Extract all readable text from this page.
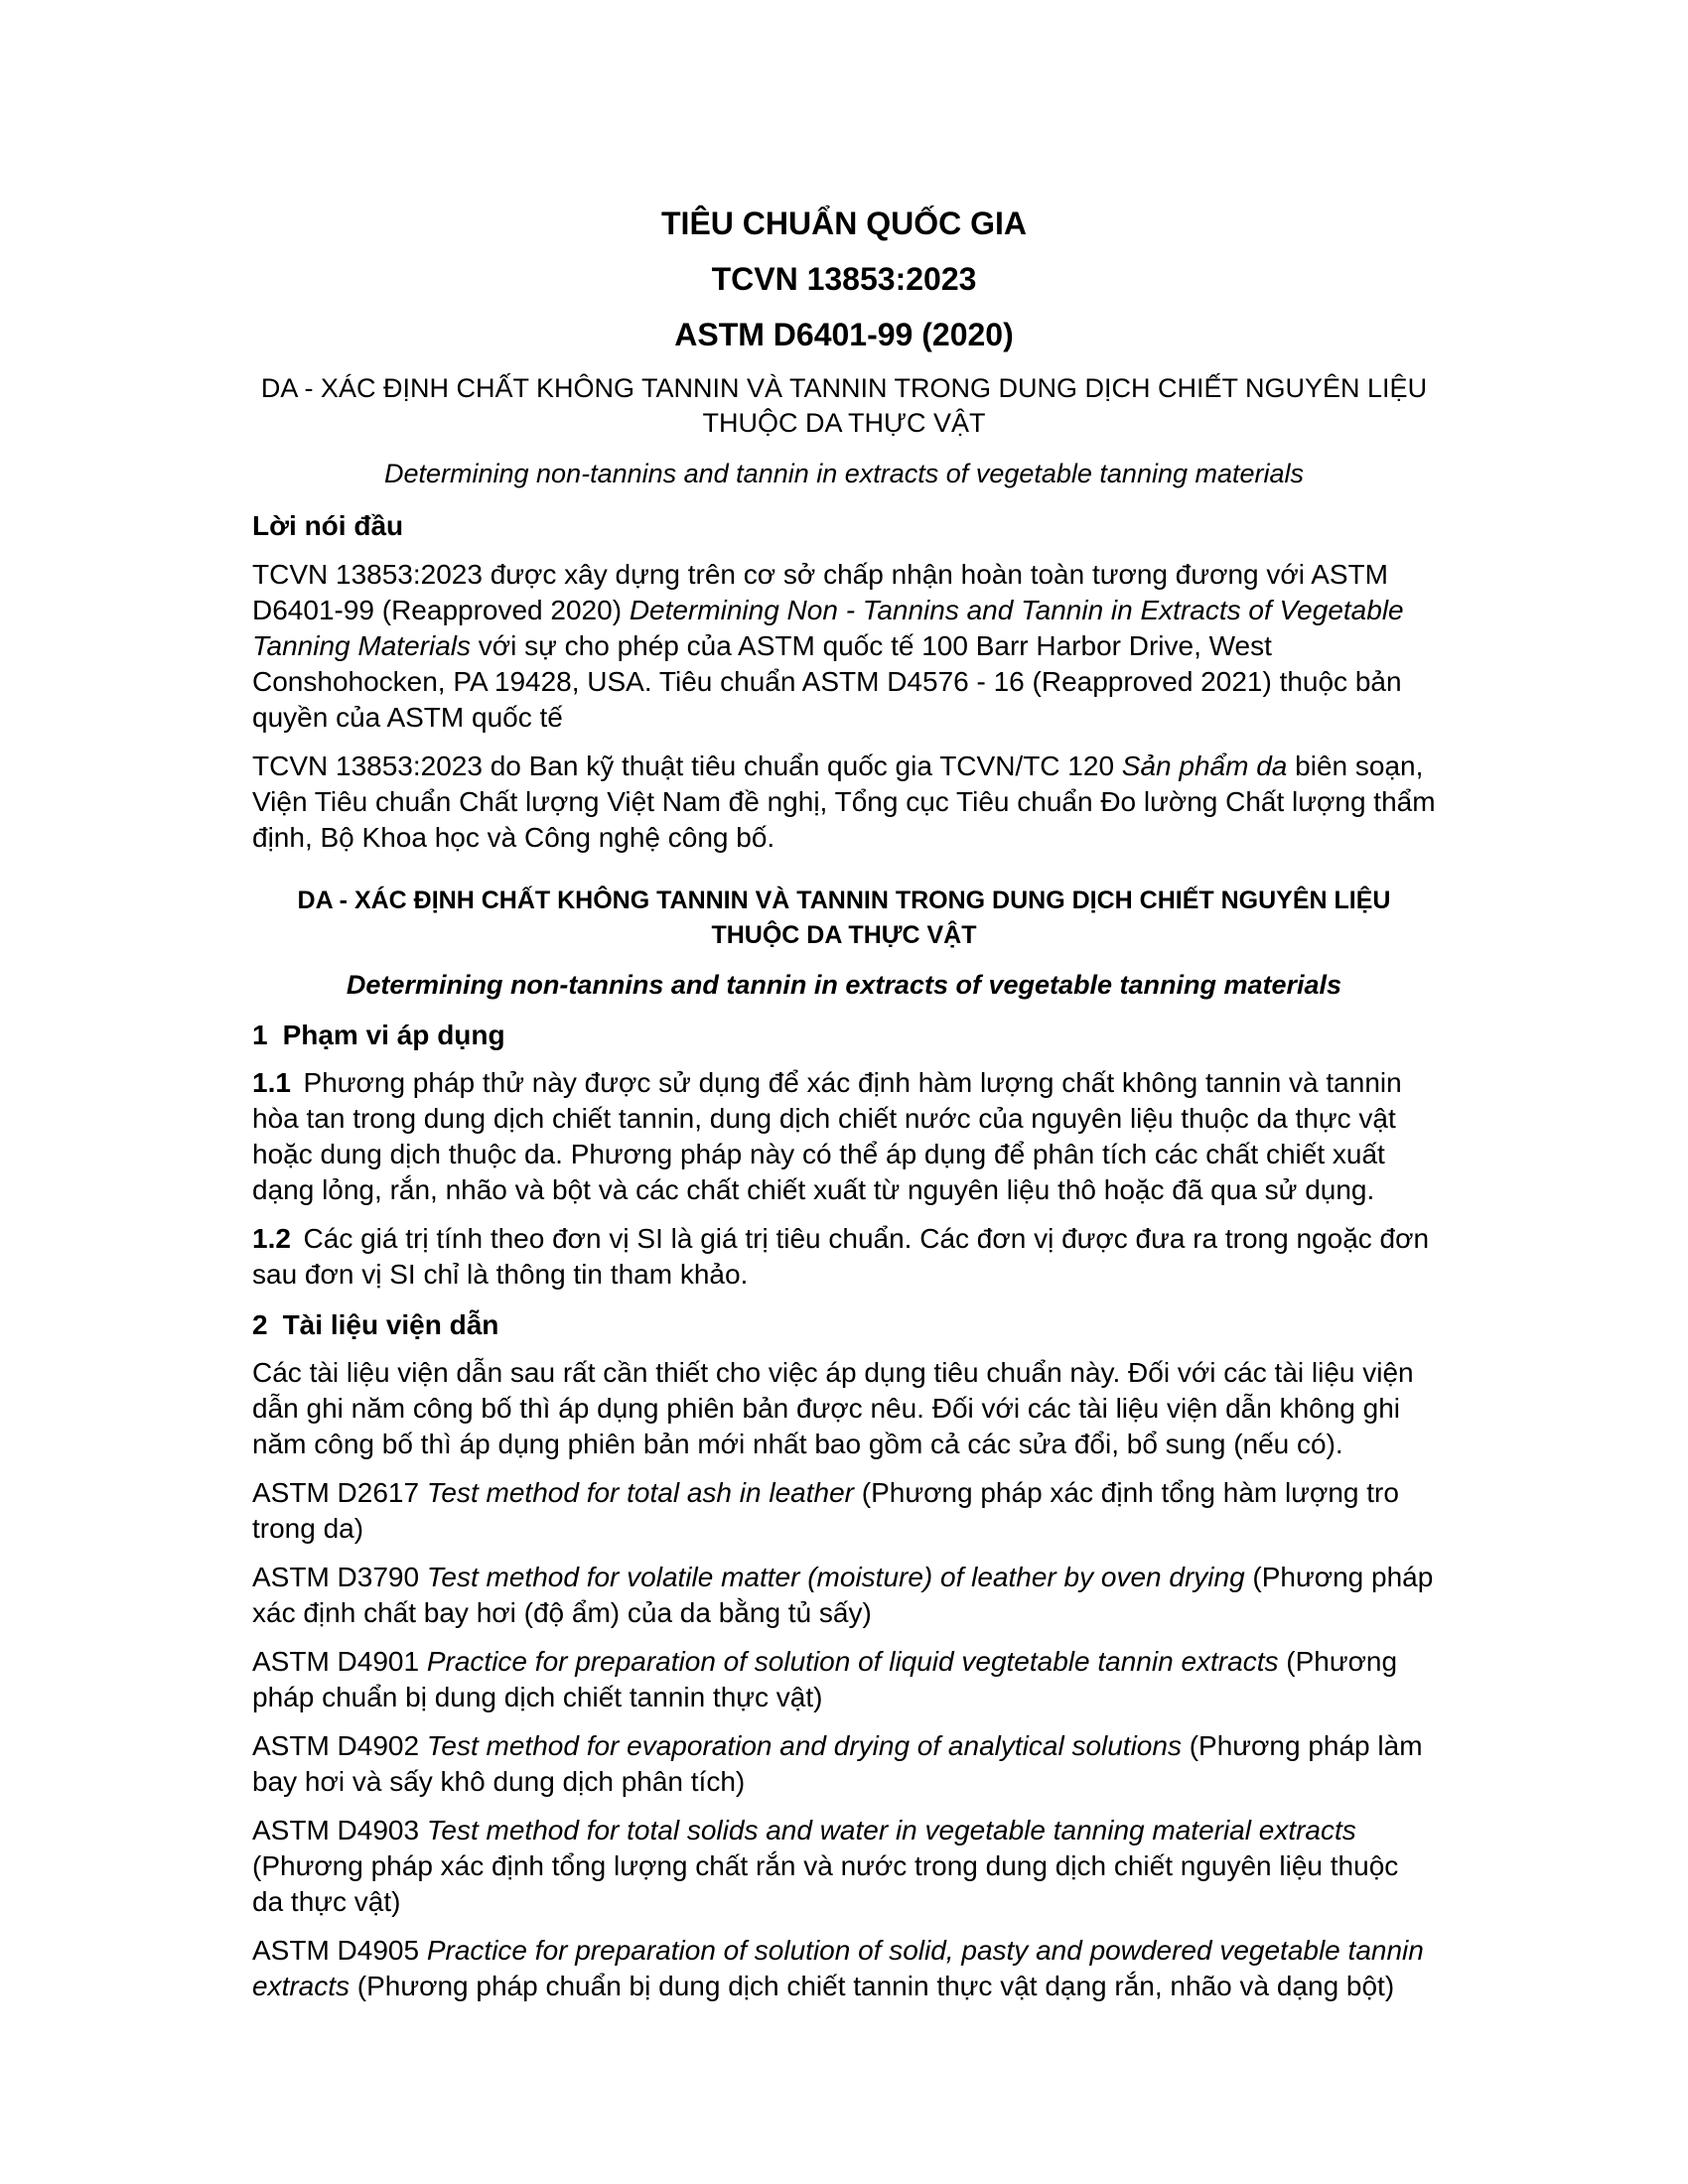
TIÊU CHUẨN QUỐC GIA
TCVN 13853:2023
ASTM D6401-99 (2020)
DA - XÁC ĐỊNH CHẤT KHÔNG TANNIN VÀ TANNIN TRONG DUNG DỊCH CHIẾT NGUYÊN LIỆU THUỘC DA THỰC VẬT
Determining non-tannins and tannin in extracts of vegetable tanning materials
Lời nói đầu

TCVN 13853:2023 được xây dựng trên cơ sở chấp nhận hoàn toàn tương đương với ASTM D6401-99 (Reapproved 2020) Determining Non - Tannins and Tannin in Extracts of Vegetable Tanning Materials với sự cho phép của ASTM quốc tế 100 Barr Harbor Drive, West Conshohocken, PA 19428, USA. Tiêu chuẩn ASTM D4576 - 16 (Reapproved 2021) thuộc bản quyền của ASTM quốc tế

TCVN 13853:2023 do Ban kỹ thuật tiêu chuẩn quốc gia TCVN/TC 120 Sản phẩm da biên soạn, Viện Tiêu chuẩn Chất lượng Việt Nam đề nghị, Tổng cục Tiêu chuẩn Đo lường Chất lượng thẩm định, Bộ Khoa học và Công nghệ công bố.

DA - XÁC ĐỊNH CHẤT KHÔNG TANNIN VÀ TANNIN TRONG DUNG DỊCH CHIẾT NGUYÊN LIỆU THUỘC DA THỰC VẬT
Determining non-tannins and tannin in extracts of vegetable tanning materials
1 Phạm vi áp dụng

1.1 Phương pháp thử này được sử dụng để xác định hàm lượng chất không tannin và tannin hòa tan trong dung dịch chiết tannin, dung dịch chiết nước của nguyên liệu thuộc da thực vật hoặc dung dịch thuộc da. Phương pháp này có thể áp dụng để phân tích các chất chiết xuất dạng lỏng, rắn, nhão và bột và các chất chiết xuất từ nguyên liệu thô hoặc đã qua sử dụng.

1.2 Các giá trị tính theo đơn vị SI là giá trị tiêu chuẩn. Các đơn vị được đưa ra trong ngoặc đơn sau đơn vị SI chỉ là thông tin tham khảo.

2 Tài liệu viện dẫn

Các tài liệu viện dẫn sau rất cần thiết cho việc áp dụng tiêu chuẩn này. Đối với các tài liệu viện dẫn ghi năm công bố thì áp dụng phiên bản được nêu. Đối với các tài liệu viện dẫn không ghi năm công bố thì áp dụng phiên bản mới nhất bao gồm cả các sửa đổi, bổ sung (nếu có).

ASTM D2617 Test method for total ash in leather (Phương pháp xác định tổng hàm lượng tro trong da)

ASTM D3790 Test method for volatile matter (moisture) of leather by oven drying (Phương pháp xác định chất bay hơi (độ ẩm) của da bằng tủ sấy)

ASTM D4901 Practice for preparation of solution of liquid vegtetable tannin extracts (Phương pháp chuẩn bị dung dịch chiết tannin thực vật)

ASTM D4902 Test method for evaporation and drying of analytical solutions (Phương pháp làm bay hơi và sấy khô dung dịch phân tích)

ASTM D4903 Test method for total solids and water in vegetable tanning material extracts (Phương pháp xác định tổng lượng chất rắn và nước trong dung dịch chiết nguyên liệu thuộc da thực vật)

ASTM D4905 Practice for preparation of solution of solid, pasty and powdered vegetable tannin extracts (Phương pháp chuẩn bị dung dịch chiết tannin thực vật dạng rắn, nhão và dạng bột)
